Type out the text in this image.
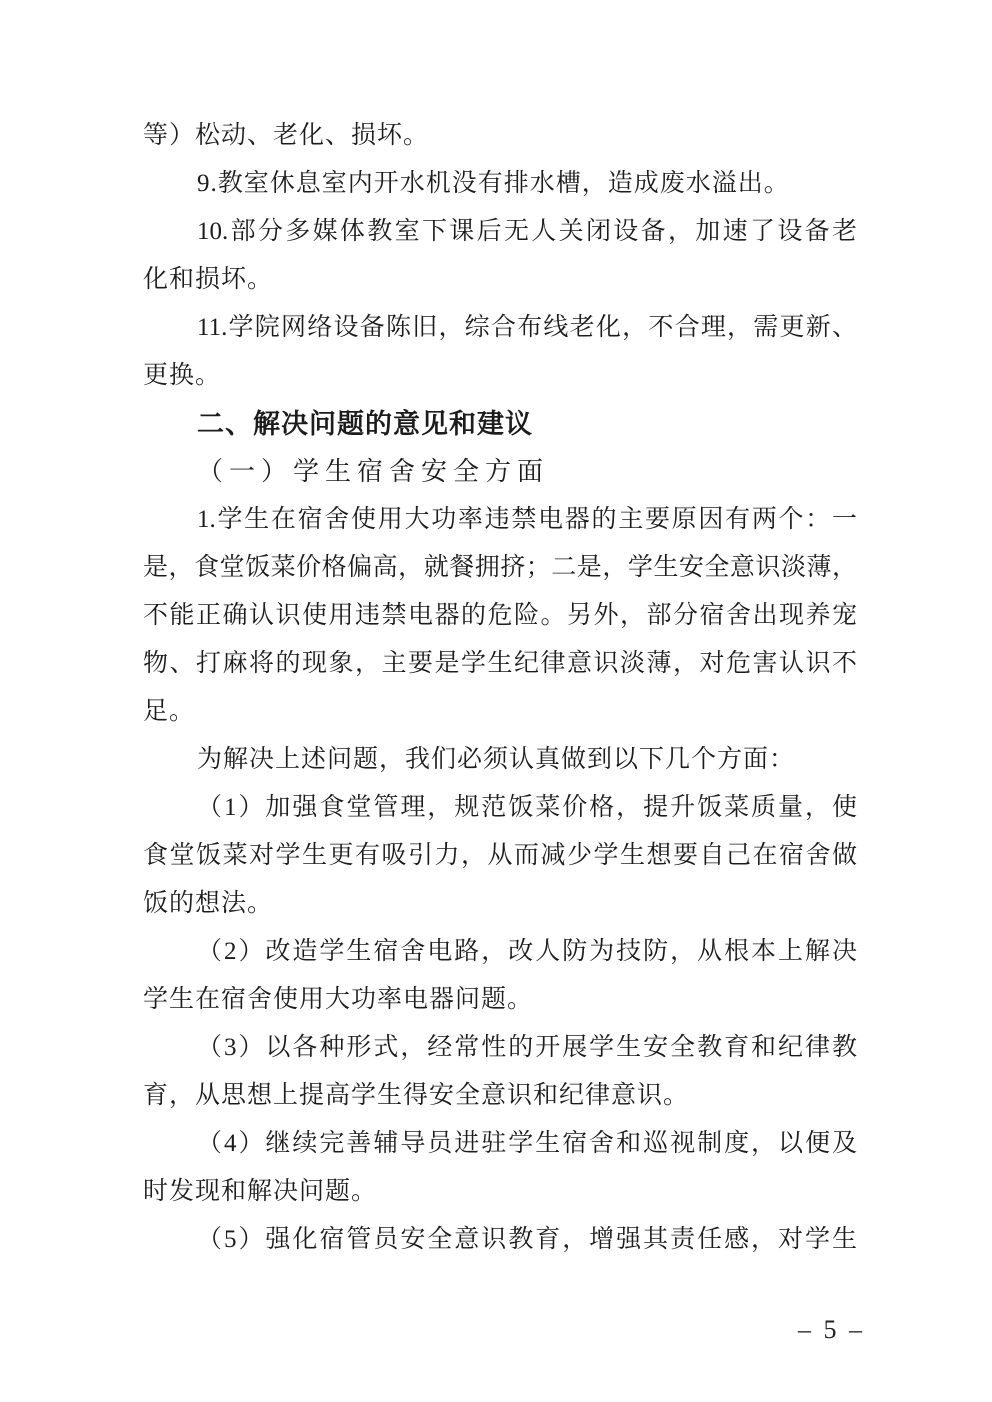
等）松动、老化、损坏。
9.教室休息室内开水机没有排水槽，造成废水溢出。
10.部分多媒体教室下课后无人关闭设备，加速了设备老
化和损坏。
11.学院网络设备陈旧，综合布线老化，不合理，需更新、
更换。
二、解决问题的意见和建议
（一）学生宿舍安全方面
1.学生在宿舍使用大功率违禁电器的主要原因有两个：一
是，食堂饭菜价格偏高，就餐拥挤；二是，学生安全意识淡薄，
不能正确认识使用违禁电器的危险。另外，部分宿舍出现养宠
物、打麻将的现象，主要是学生纪律意识淡薄，对危害认识不
足。
为解决上述问题，我们必须认真做到以下几个方面：
（1）加强食堂管理，规范饭菜价格，提升饭菜质量，使
食堂饭菜对学生更有吸引力，从而减少学生想要自己在宿舍做
饭的想法。
（2）改造学生宿舍电路，改人防为技防，从根本上解决
学生在宿舍使用大功率电器问题。
（3）以各种形式，经常性的开展学生安全教育和纪律教
育，从思想上提高学生得安全意识和纪律意识。
（4）继续完善辅导员进驻学生宿舍和巡视制度，以便及
时发现和解决问题。
（5）强化宿管员安全意识教育，增强其责任感，对学生
– 5 –
